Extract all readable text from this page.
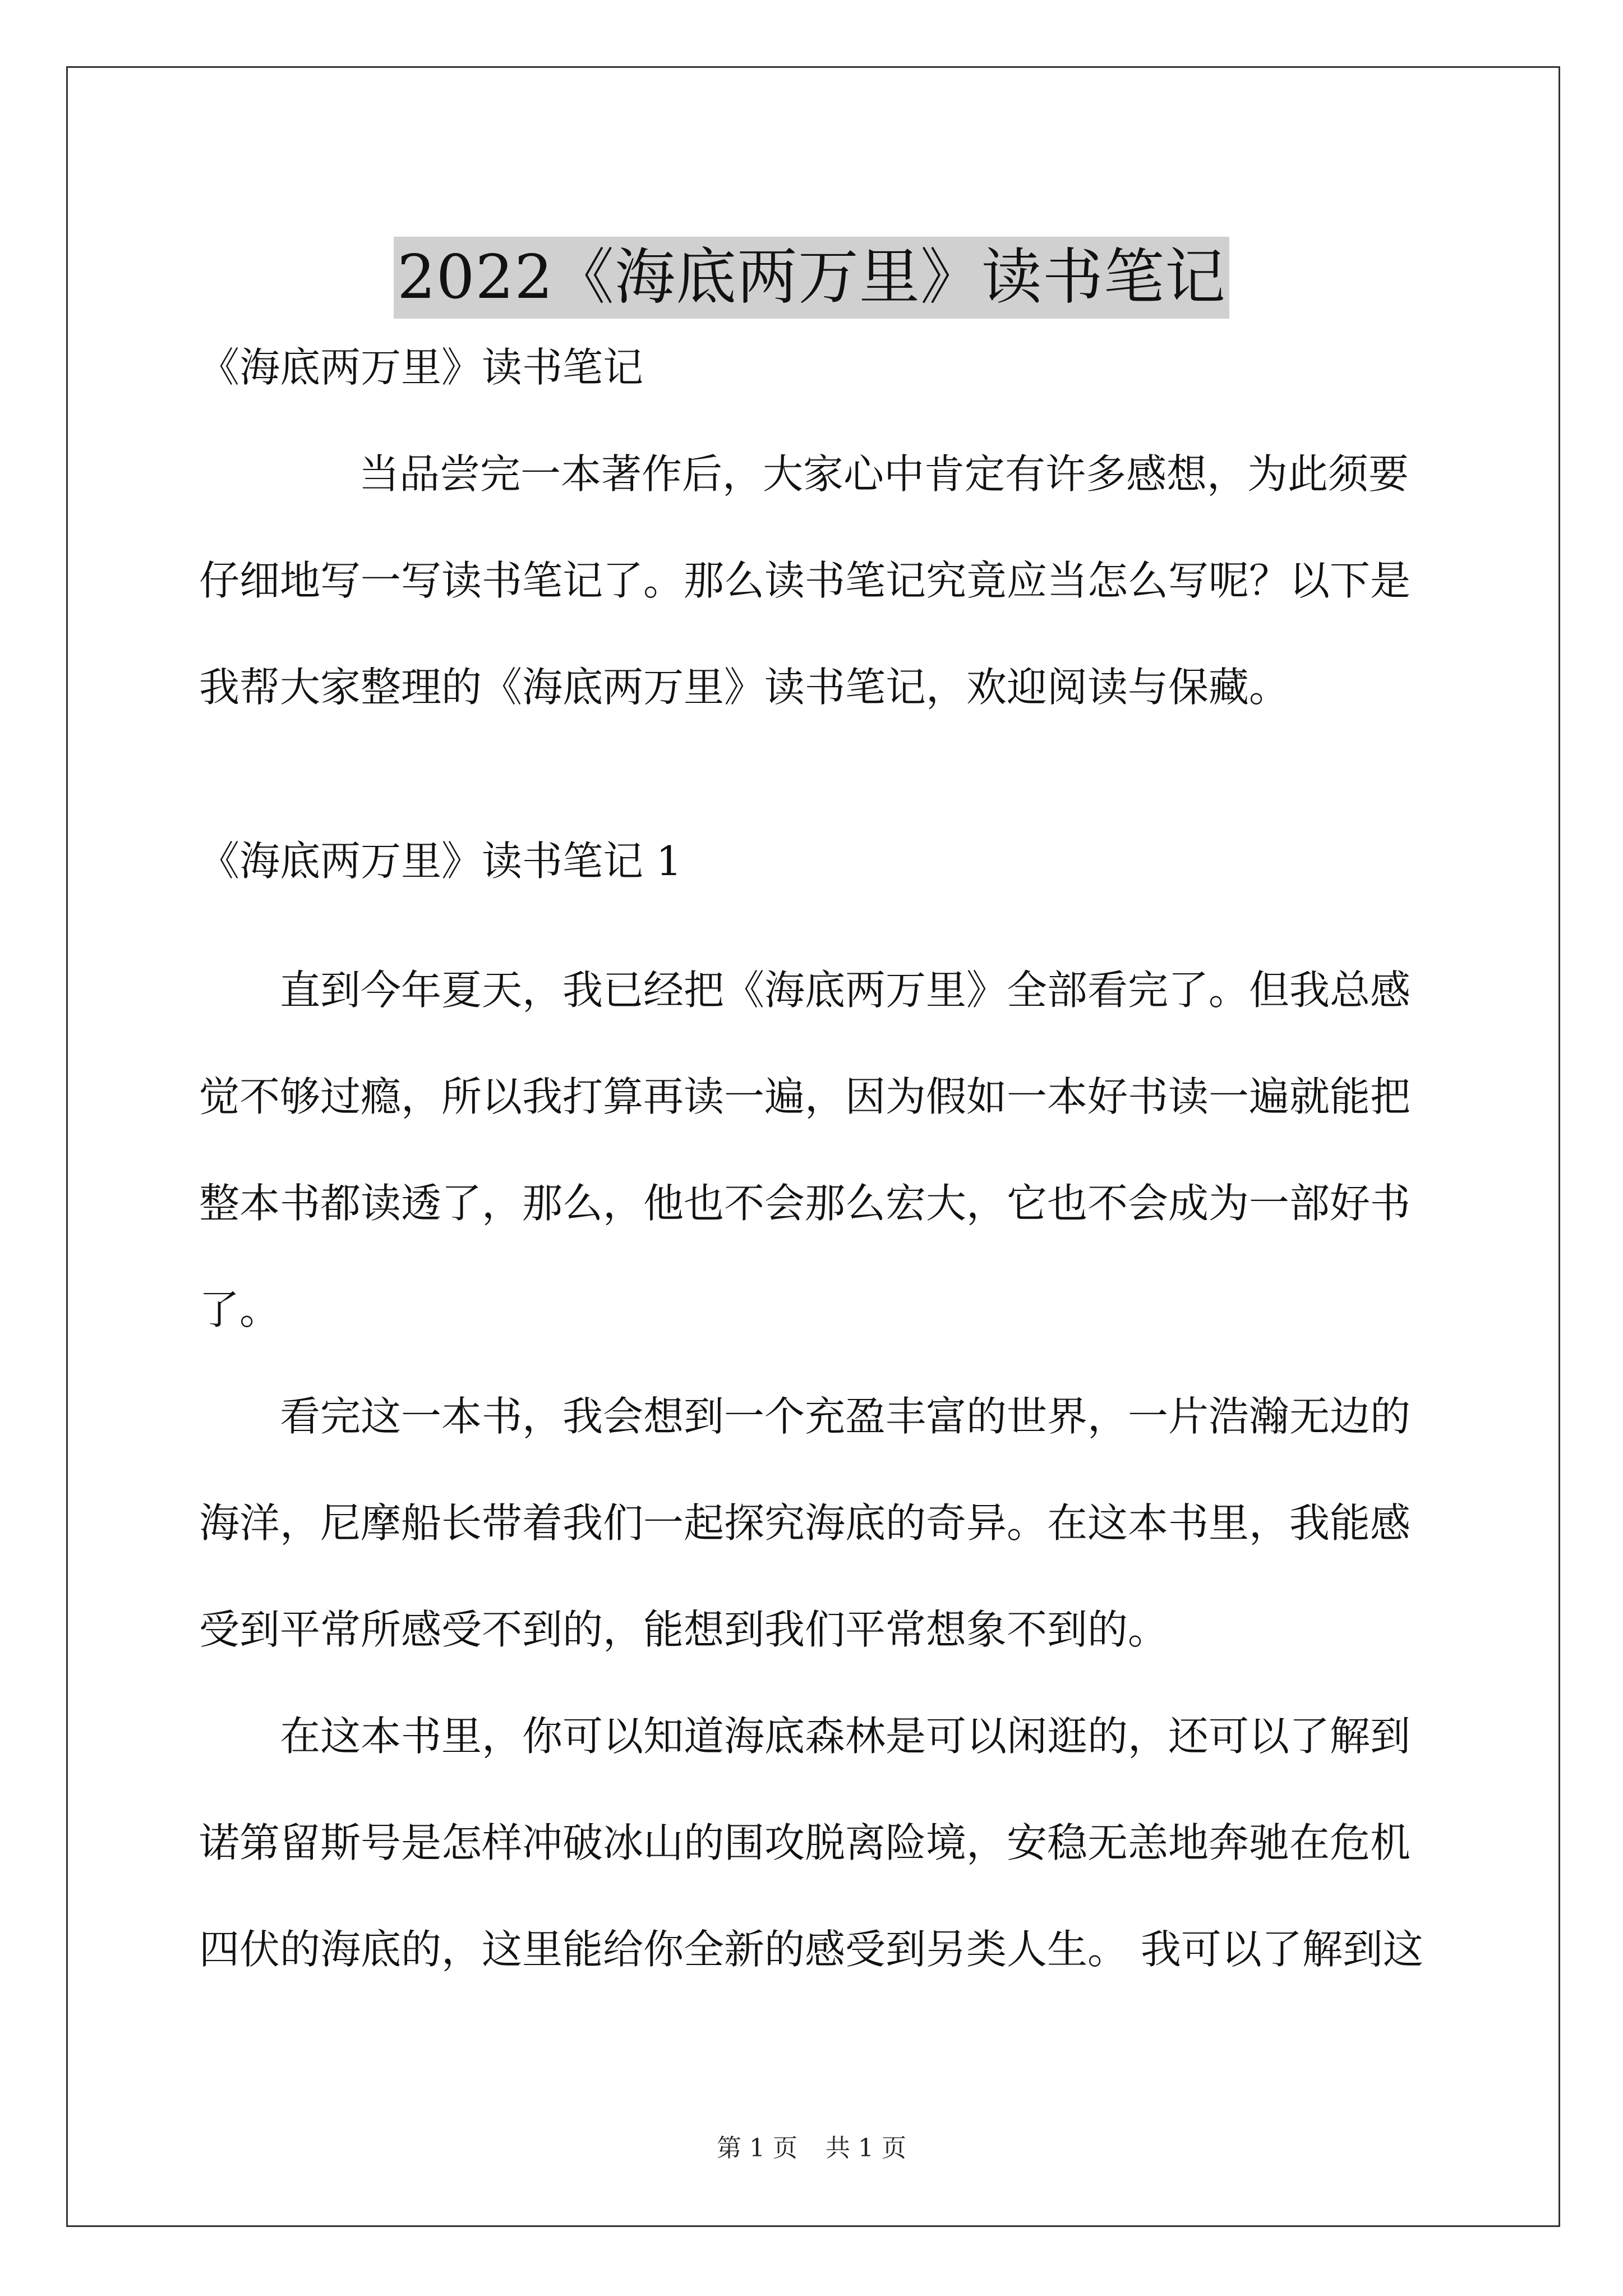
2022《海底两万里》读书笔记
《海底两万里》读书笔记
当品尝完一本著作后，大家心中肯定有许多感想，为此须要
仔细地写一写读书笔记了。那么读书笔记究竟应当怎么写呢？以下是
我帮大家整理的《海底两万里》读书笔记，欢迎阅读与保藏。
《海底两万里》读书笔记 1
直到今年夏天，我已经把《海底两万里》全部看完了。但我总感
觉不够过瘾，所以我打算再读一遍，因为假如一本好书读一遍就能把
整本书都读透了，那么，他也不会那么宏大，它也不会成为一部好书
了。
看完这一本书，我会想到一个充盈丰富的世界，一片浩瀚无边的
海洋，尼摩船长带着我们一起探究海底的奇异。在这本书里，我能感
受到平常所感受不到的，能想到我们平常想象不到的。
在这本书里，你可以知道海底森林是可以闲逛的，还可以了解到
诺第留斯号是怎样冲破冰山的围攻脱离险境，安稳无恙地奔驰在危机
四伏的海底的，这里能给你全新的感受到另类人生。 我可以了解到这
第 1 页 共 1 页
